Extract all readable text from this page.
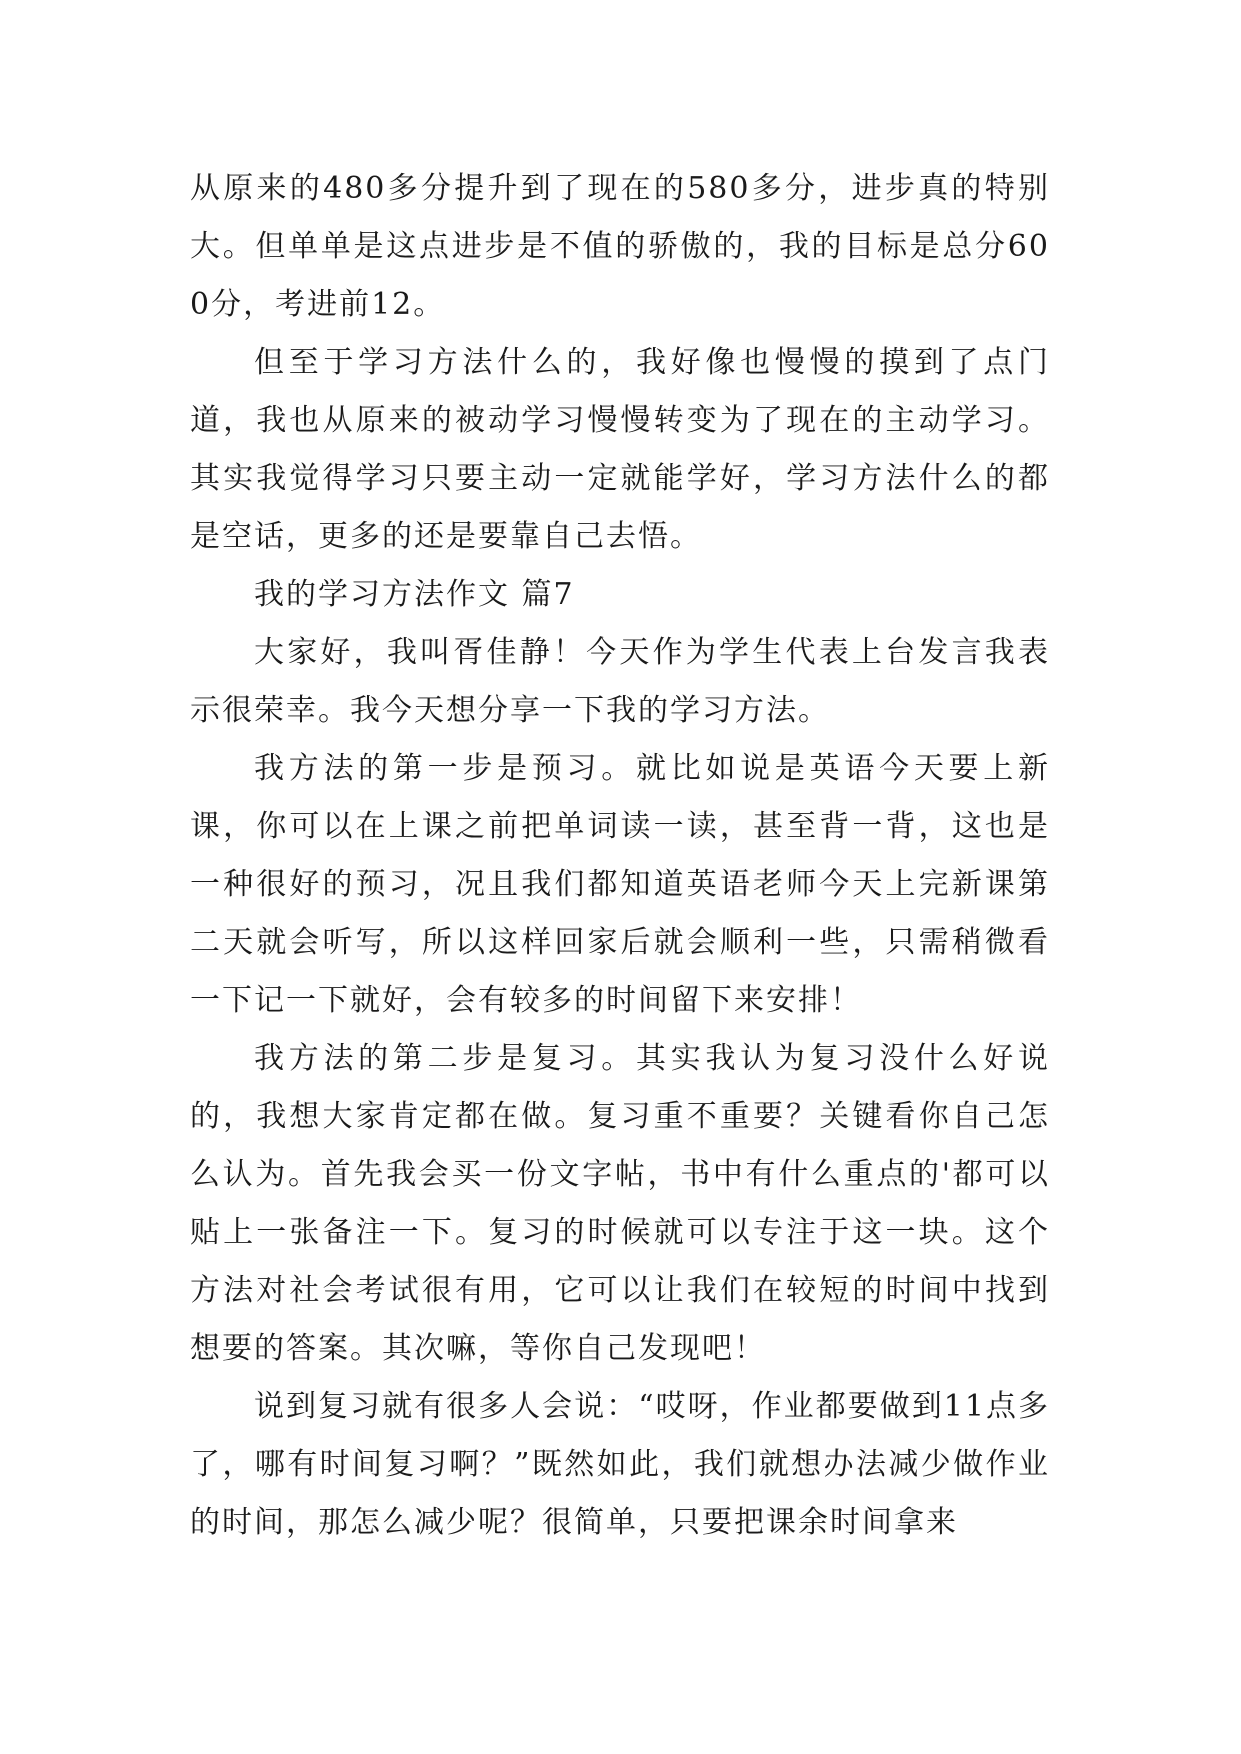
从原来的480多分提升到了现在的580多分，进步真的特别大。但单单是这点进步是不值的骄傲的，我的目标是总分600分，考进前12。

但至于学习方法什么的，我好像也慢慢的摸到了点门道，我也从原来的被动学习慢慢转变为了现在的主动学习。其实我觉得学习只要主动一定就能学好，学习方法什么的都是空话，更多的还是要靠自己去悟。

我的学习方法作文 篇7

大家好，我叫胥佳静！今天作为学生代表上台发言我表示很荣幸。我今天想分享一下我的学习方法。

我方法的第一步是预习。就比如说是英语今天要上新课，你可以在上课之前把单词读一读，甚至背一背，这也是一种很好的预习，况且我们都知道英语老师今天上完新课第二天就会听写，所以这样回家后就会顺利一些，只需稍微看一下记一下就好，会有较多的时间留下来安排！

我方法的第二步是复习。其实我认为复习没什么好说的，我想大家肯定都在做。复习重不重要？关键看你自己怎么认为。首先我会买一份文字帖，书中有什么重点的'都可以贴上一张备注一下。复习的时候就可以专注于这一块。这个方法对社会考试很有用，它可以让我们在较短的时间中找到想要的答案。其次嘛，等你自己发现吧！

说到复习就有很多人会说：“哎呀，作业都要做到11点多了，哪有时间复习啊？”既然如此，我们就想办法减少做作业的时间，那怎么减少呢？很简单，只要把课余时间拿来
